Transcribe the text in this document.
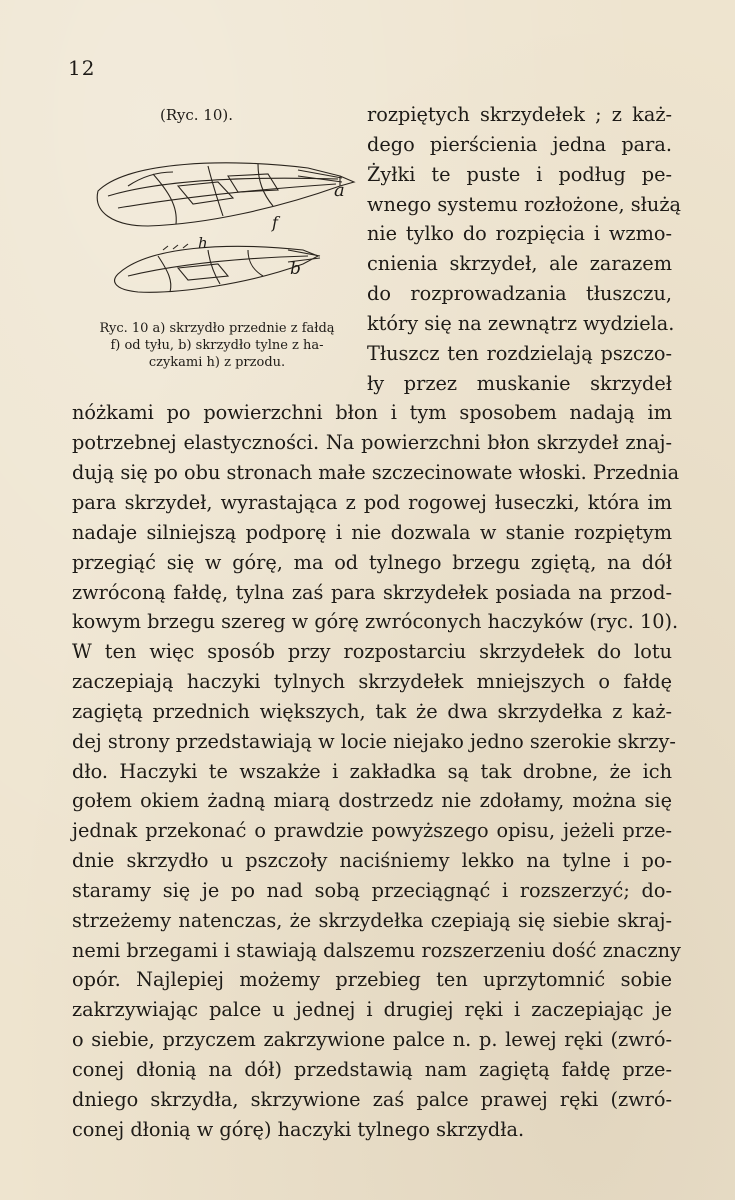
12
(Ryc. 10).
a
f
h
b
Ryc. 10 a) skrzydło przednie z fałdą
f) od tyłu, b) skrzydło tylne z ha-
czykami h) z przodu.
rozpiętych skrzydełek ; z każ-
dego pierścienia jedna para.
Żyłki te puste i podług pe-
wnego systemu rozłożone, służą
nie tylko do rozpięcia i wzmo-
cnienia skrzydeł, ale zarazem
do rozprowadzania tłuszczu,
który się na zewnątrz wydziela.
Tłuszcz ten rozdzielają pszczo-
ły przez muskanie skrzydeł
nóżkami po powierzchni błon i tym sposobem nadają im
potrzebnej elastyczności. Na powierzchni błon skrzydeł znaj-
dują się po obu stronach małe szczecinowate włoski. Przednia
para skrzydeł, wyrastająca z pod rogowej łuseczki, która im
nadaje silniejszą podporę i nie dozwala w stanie rozpiętym
przegiąć się w górę, ma od tylnego brzegu zgiętą, na dół
zwróconą fałdę, tylna zaś para skrzydełek posiada na przod-
kowym brzegu szereg w górę zwróconych haczyków (ryc. 10).
W ten więc sposób przy rozpostarciu skrzydełek do lotu
zaczepiają haczyki tylnych skrzydełek mniejszych o fałdę
zagiętą przednich większych, tak że dwa skrzydełka z każ-
dej strony przedstawiają w locie niejako jedno szerokie skrzy-
dło. Haczyki te wszakże i zakładka są tak drobne, że ich
gołem okiem żadną miarą dostrzedz nie zdołamy, można się
jednak przekonać o prawdzie powyższego opisu, jeżeli prze-
dnie skrzydło u pszczoły naciśniemy lekko na tylne i po-
staramy się je po nad sobą przeciągnąć i rozszerzyć; do-
strzeżemy natenczas, że skrzydełka czepiają się siebie skraj-
nemi brzegami i stawiają dalszemu rozszerzeniu dość znaczny
opór. Najlepiej możemy przebieg ten uprzytomnić sobie
zakrzywiając palce u jednej i drugiej ręki i zaczepiając je
o siebie, przyczem zakrzywione palce n. p. lewej ręki (zwró-
conej dłonią na dół) przedstawią nam zagiętą fałdę prze-
dniego skrzydła, skrzywione zaś palce prawej ręki (zwró-
conej dłonią w górę) haczyki tylnego skrzydła.
